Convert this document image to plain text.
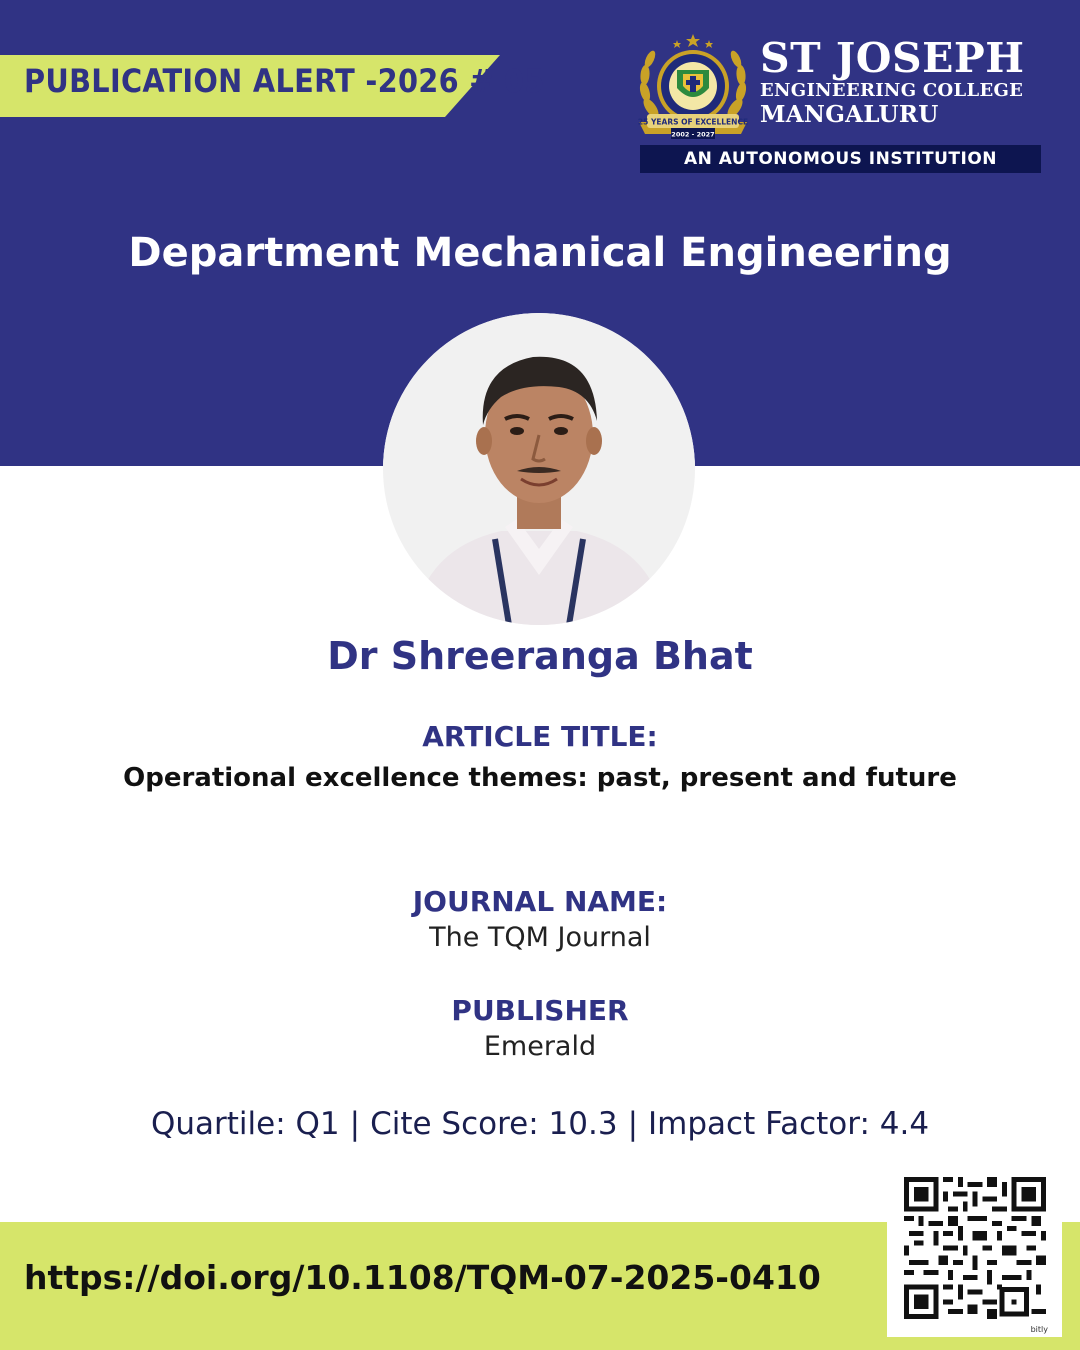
PUBLICATION ALERT -2026 # 05
25 YEARS OF EXCELLENCE
2002 - 2027
ST JOSEPH
ENGINEERING COLLEGE
MANGALURU
AN AUTONOMOUS INSTITUTION
Department Mechanical Engineering
Dr Shreeranga Bhat
ARTICLE TITLE:
Operational excellence themes: past, present and future
JOURNAL NAME:
The TQM Journal
PUBLISHER
Emerald
Quartile: Q1 | Cite Score: 10.3 | Impact Factor: 4.4
https://doi.org/10.1108/TQM-07-2025-0410
bitly
